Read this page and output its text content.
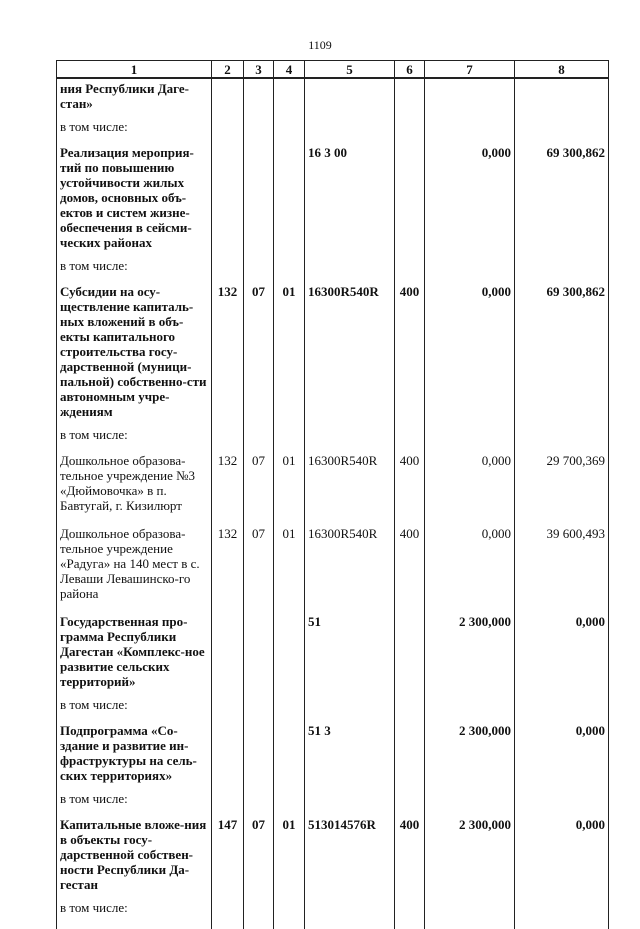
1109
1	2	3	4	5	6	7	8
ния Республики Даге-стан»							
в том числе:							
Реализация мероприя-тий по повышению устойчивости жилых домов, основных объ-ектов и систем жизне-обеспечения в сейсми-ческих районах				16 3 00		0,000	69 300,862
в том числе:							
Субсидии на осу-ществление капиталь-ных вложений в объ-екты капитального строительства госу-дарственной (муници-пальной) собственно-сти автономным учре-ждениям	132	07	01	16300R540R	400	0,000	69 300,862
в том числе:							
Дошкольное образова-тельное учреждение №3 «Дюймовочка» в п. Бавтугай, г. Кизилюрт	132	07	01	16300R540R	400	0,000	29 700,369
Дошкольное образова-тельное учреждение «Радуга» на 140 мест в с. Леваши Левашинско-го района	132	07	01	16300R540R	400	0,000	39 600,493
Государственная про-грамма Республики Дагестан «Комплекс-ное развитие сельских территорий»				51		2 300,000	0,000
в том числе:							
Подпрограмма «Со-здание и развитие ин-фраструктуры на сель-ских территориях»				51 3		2 300,000	0,000
в том числе:							
Капитальные вложе-ния в объекты госу-дарственной собствен-ности Республики Да-гестан	147	07	01	513014576R	400	2 300,000	0,000
в том числе:							
